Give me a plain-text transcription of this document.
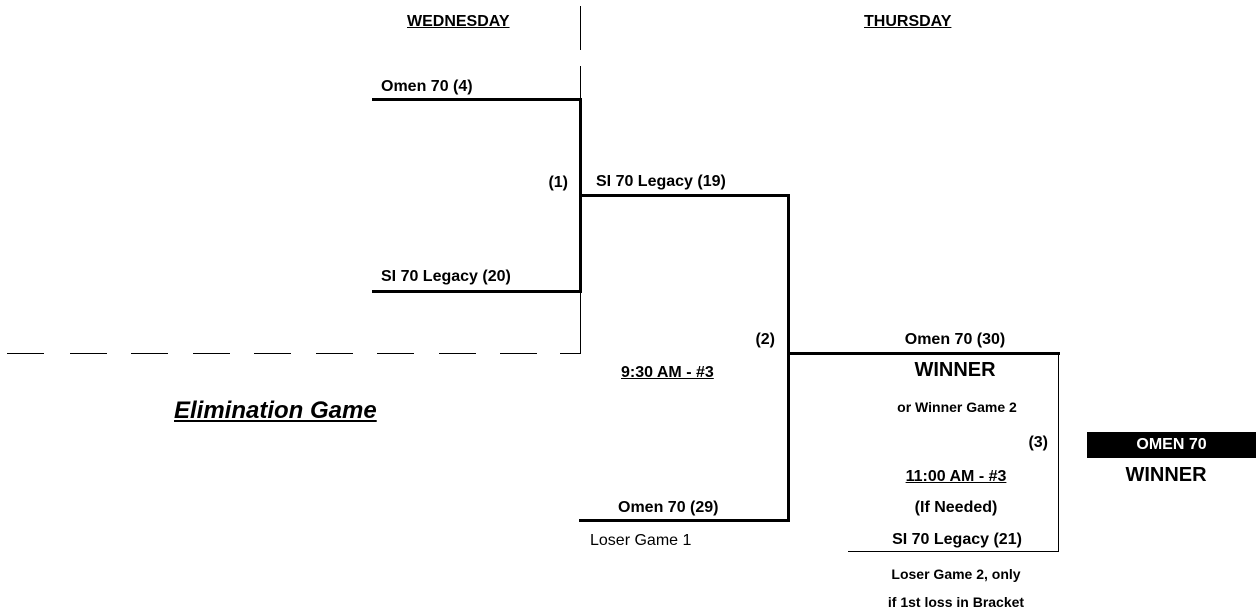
WEDNESDAY	THURSDAY
Omen 70 (4)
SI 70 Legacy (20)
(1) SI 70 Legacy (19)
(2)
9:30 AM - #3
Omen 70 (29)
Loser Game 1
Omen 70 (30)
WINNER
or Winner Game 2
(3)
11:00 AM - #3
(If Needed)
SI 70 Legacy (21)
Loser Game 2, only
if 1st loss in Bracket
OMEN 70
WINNER
Elimination Game
